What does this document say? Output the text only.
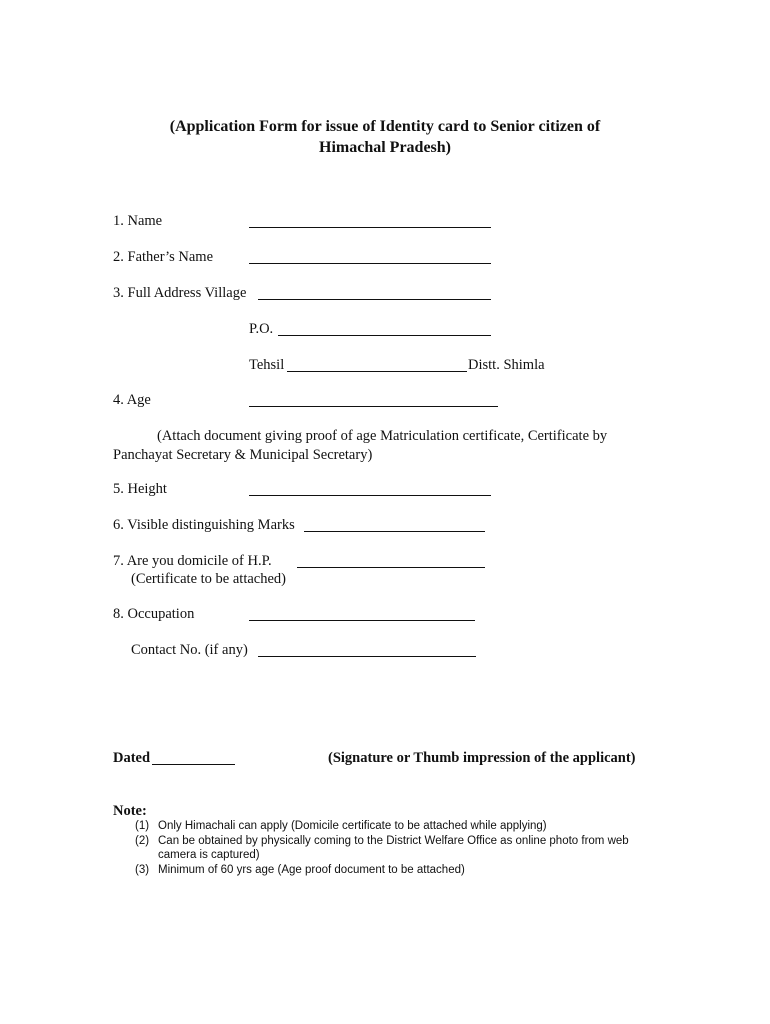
(Application Form for issue of Identity card to Senior citizen of
Himachal Pradesh)
1. Name
2. Father’s Name
3. Full Address Village
P.O.
Tehsil	Distt. Shimla
4. Age
(Attach document giving proof of age Matriculation certificate, Certificate by Panchayat Secretary & Municipal Secretary)
5. Height
6. Visible distinguishing Marks
7. Are you domicile of H.P.
(Certificate to be attached)
8. Occupation
Contact No. (if any)
Dated	(Signature or Thumb impression of the applicant)
Note:
(1) Only Himachali can apply (Domicile certificate to be attached while applying)
(2) Can be obtained by physically coming to the District Welfare Office as online photo from web camera is captured)
(3) Minimum of 60 yrs age (Age proof document to be attached)
